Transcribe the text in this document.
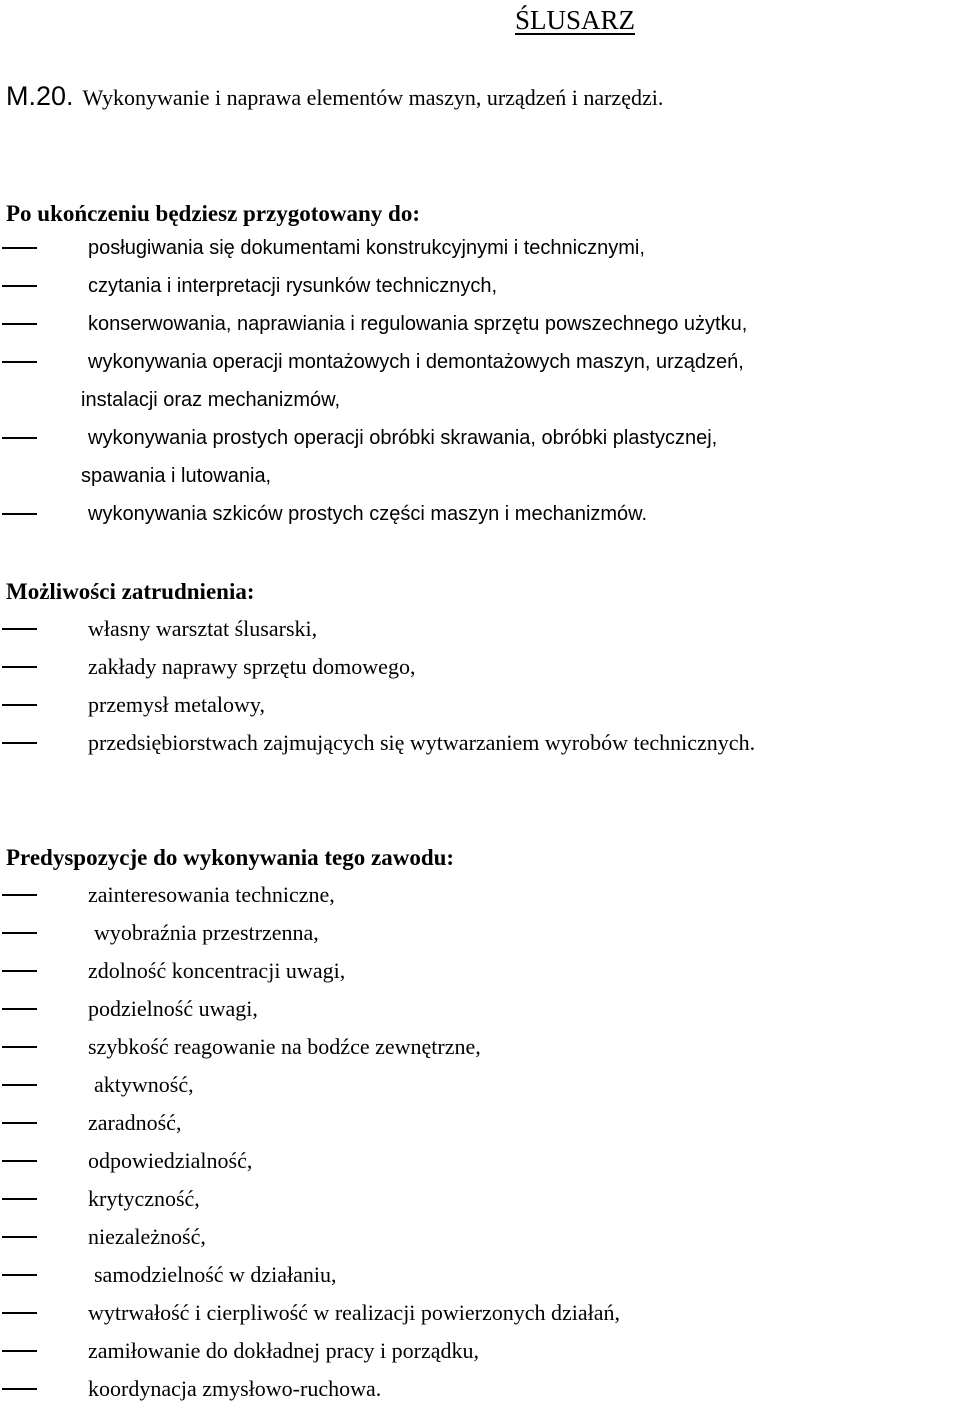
ŚLUSARZ
M.20. Wykonywanie i naprawa elementów maszyn, urządzeń i narzędzi.
Po ukończeniu będziesz przygotowany do:
posługiwania się dokumentami konstrukcyjnymi i technicznymi,
czytania i interpretacji rysunków technicznych,
konserwowania, naprawiania i regulowania sprzętu powszechnego użytku,
wykonywania operacji montażowych i demontażowych maszyn, urządzeń,
instalacji oraz mechanizmów,
wykonywania prostych operacji obróbki skrawania, obróbki plastycznej,
spawania i lutowania,
wykonywania szkiców prostych części maszyn i mechanizmów.
Możliwości zatrudnienia:
własny warsztat ślusarski,
zakłady naprawy sprzętu domowego,
przemysł metalowy,
przedsiębiorstwach zajmujących się wytwarzaniem wyrobów technicznych.
Predyspozycje do wykonywania tego zawodu:
zainteresowania techniczne,
wyobraźnia przestrzenna,
zdolność koncentracji uwagi,
podzielność uwagi,
szybkość reagowanie na bodźce zewnętrzne,
aktywność,
zaradność,
odpowiedzialność,
krytyczność,
niezależność,
samodzielność w działaniu,
wytrwałość i cierpliwość w realizacji powierzonych działań,
zamiłowanie do dokładnej pracy i porządku,
koordynacja zmysłowo-ruchowa.
